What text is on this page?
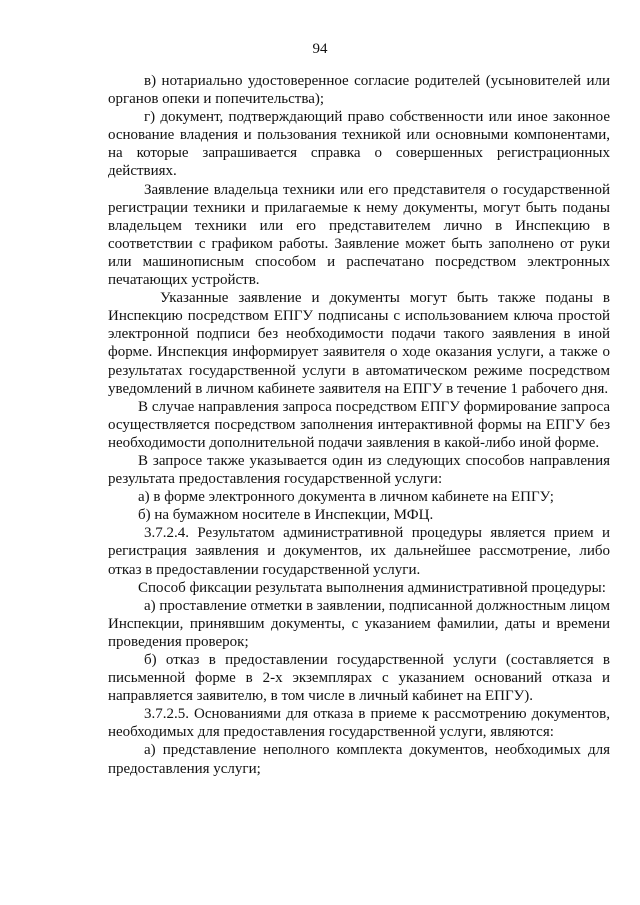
94

в) нотариально удостоверенное согласие родителей (усыновителей или органов опеки и попечительства);

г) документ, подтверждающий право собственности или иное законное основание владения и пользования техникой или основными компонентами, на которые запрашивается справка о совершенных регистрационных действиях.

Заявление владельца техники или его представителя о государственной регистрации техники и прилагаемые к нему документы, могут быть поданы владельцем техники или его представителем лично в Инспекцию в соответствии с графиком работы. Заявление может быть заполнено от руки или машинописным способом и распечатано посредством электронных печатающих устройств.

Указанные заявление и документы могут быть также поданы в Инспекцию посредством ЕПГУ подписаны с использованием ключа простой электронной подписи без необходимости подачи такого заявления в иной форме. Инспекция информирует заявителя о ходе оказания услуги, а также о результатах государственной услуги в автоматическом режиме посредством уведомлений в личном кабинете заявителя на ЕПГУ в течение 1 рабочего дня.

В случае направления запроса посредством ЕПГУ формирование запроса осуществляется посредством заполнения интерактивной формы на ЕПГУ без необходимости дополнительной подачи заявления в какой-либо иной форме.

В запросе также указывается один из следующих способов направления результата предоставления государственной услуги:

а) в форме электронного документа в личном кабинете на ЕПГУ;

б) на бумажном носителе в Инспекции, МФЦ.

3.7.2.4. Результатом административной процедуры является прием и регистрация заявления и документов, их дальнейшее рассмотрение, либо отказ в предоставлении государственной услуги.

Способ фиксации результата выполнения административной процедуры:

а) проставление отметки в заявлении, подписанной должностным лицом Инспекции, принявшим документы, с указанием фамилии, даты и времени проведения проверок;

б) отказ в предоставлении государственной услуги (составляется в письменной форме в 2-х экземплярах с указанием оснований отказа и направляется заявителю, в том числе в личный кабинет на ЕПГУ).

3.7.2.5. Основаниями для отказа в приеме к рассмотрению документов, необходимых для предоставления государственной услуги, являются:

а) представление неполного комплекта документов, необходимых для предоставления услуги;
